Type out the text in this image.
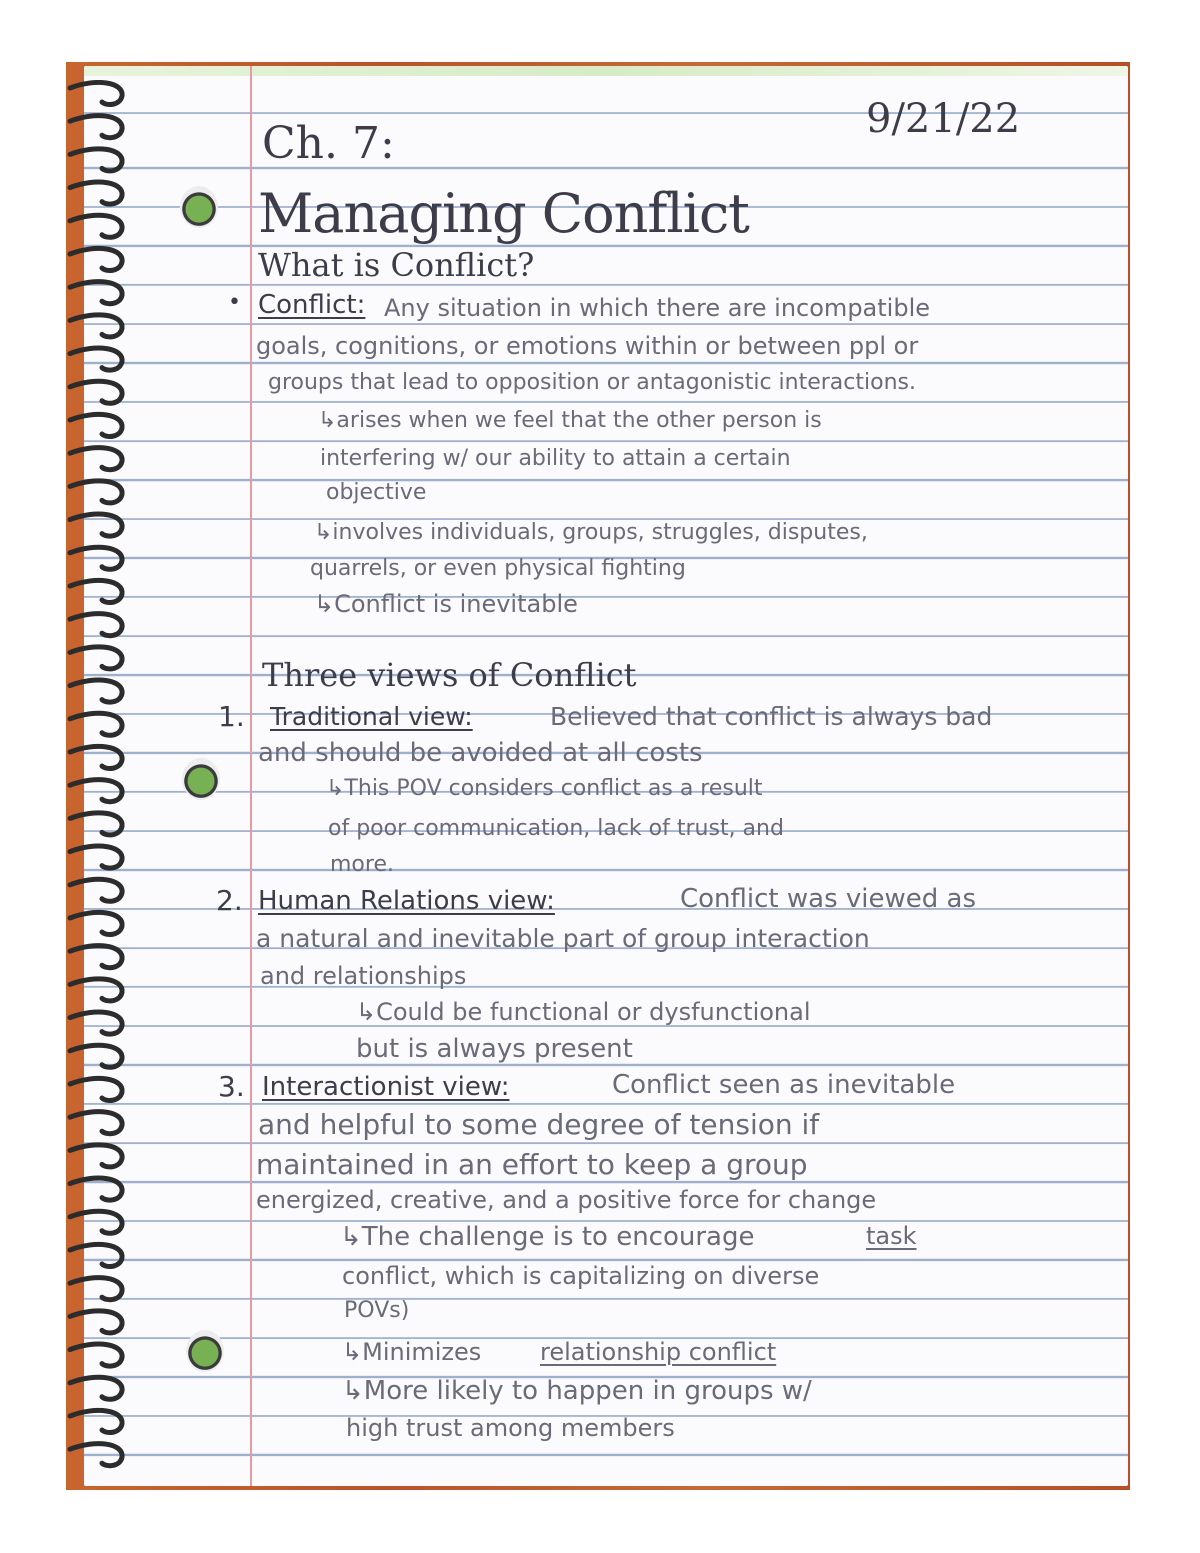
Ch. 7:	9/21/22
Managing Conflict
What is Conflict?
• Conflict: Any situation in which there are incompatible
goals, cognitions, or emotions within or between ppl or
groups that lead to opposition or antagonistic interactions.
↳arises when we feel that the other person is
interfering w/ our ability to attain a certain
objective
↳involves individuals, groups, struggles, disputes,
quarrels, or even physical fighting
↳Conflict is inevitable
Three views of Conflict
1. Traditional view:	Believed that conflict is always bad
and should be avoided at all costs
↳This POV considers conflict as a result
of poor communication, lack of trust, and
more.
2. Human Relations view:	Conflict was viewed as
a natural and inevitable part of group interaction
and relationships
↳Could be functional or dysfunctional
but is always present
3. Interactionist view:	Conflict seen as inevitable
and helpful to some degree of tension if
maintained in an effort to keep a group
energized, creative, and a positive force for change
↳The challenge is to encourage	task
conflict, which is capitalizing on diverse
POVs)
↳Minimizes relationship conflict
↳More likely to happen in groups w/
high trust among members
